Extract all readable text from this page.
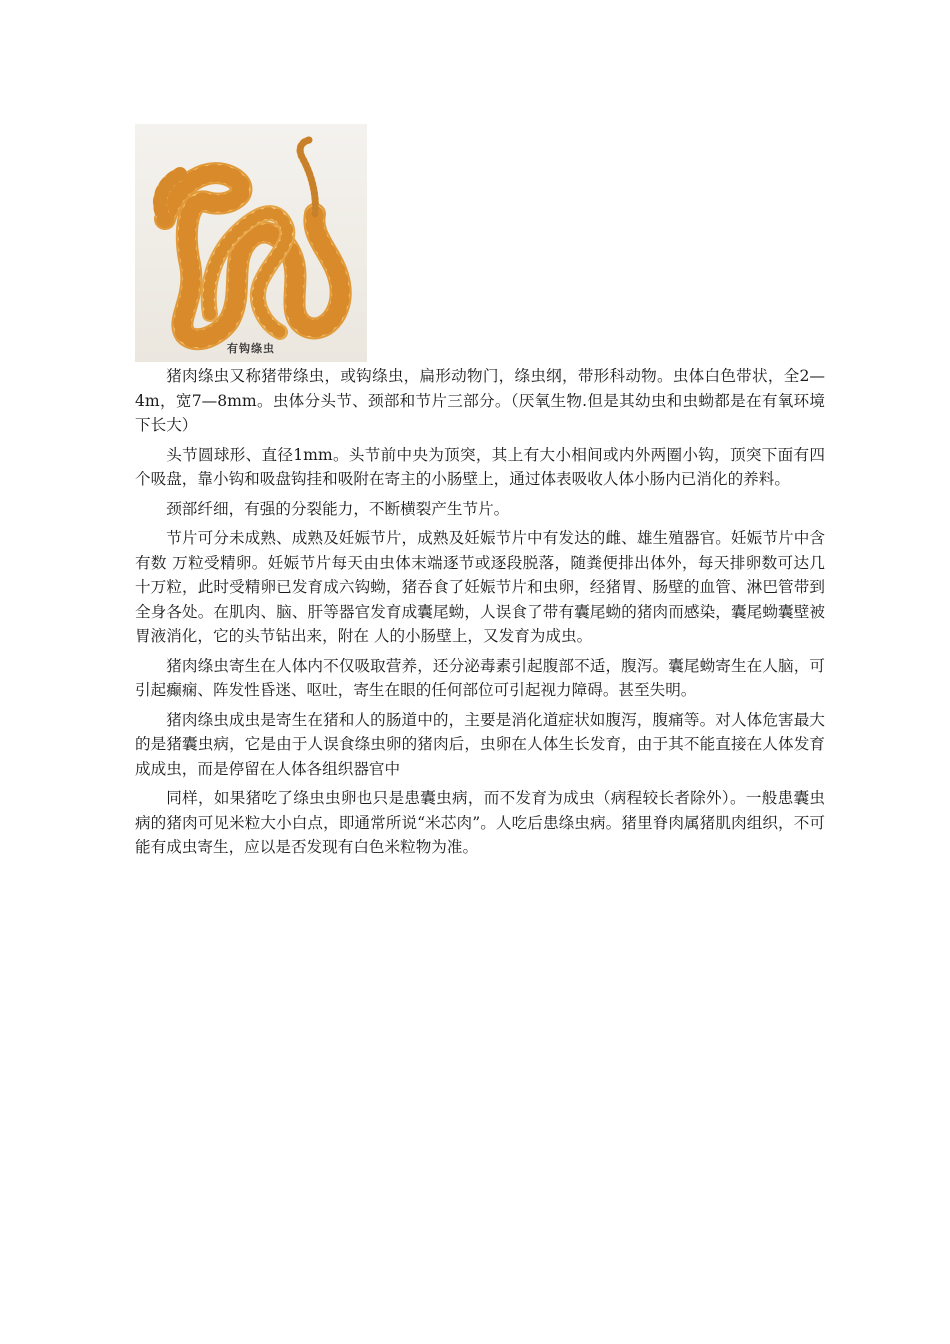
有钩绦虫

猪肉绦虫又称猪带绦虫，或钩绦虫，扁形动物门，绦虫纲，带形科动物。虫体白色带状，全2—4m，宽7—8mm。虫体分头节、颈部和节片三部分。（厌氧生物.但是其幼虫和虫蚴都是在有氧环境下长大）

头节圆球形、直径1mm。头节前中央为顶突，其上有大小相间或内外两圈小钩，顶突下面有四个吸盘，靠小钩和吸盘钩挂和吸附在寄主的小肠壁上，通过体表吸收人体小肠内已消化的养料。

颈部纤细，有强的分裂能力，不断横裂产生节片。

节片可分未成熟、成熟及妊娠节片，成熟及妊娠节片中有发达的雌、雄生殖器官。妊娠节片中含有数 万粒受精卵。妊娠节片每天由虫体末端逐节或逐段脱落，随粪便排出体外，每天排卵数可达几十万粒，此时受精卵已发育成六钩蚴，猪吞食了妊娠节片和虫卵，经猪胃、肠壁的血管、淋巴管带到全身各处。在肌肉、脑、肝等器官发育成囊尾蚴，人误食了带有囊尾蚴的猪肉而感染，囊尾蚴囊壁被胃液消化，它的头节钻出来，附在 人的小肠壁上，又发育为成虫。

猪肉绦虫寄生在人体内不仅吸取营养，还分泌毒素引起腹部不适，腹泻。囊尾蚴寄生在人脑，可引起癫痫、阵发性昏迷、呕吐，寄生在眼的任何部位可引起视力障碍。甚至失明。

猪肉绦虫成虫是寄生在猪和人的肠道中的，主要是消化道症状如腹泻，腹痛等。对人体危害最大的是猪囊虫病，它是由于人误食绦虫卵的猪肉后，虫卵在人体生长发育，由于其不能直接在人体发育成成虫，而是停留在人体各组织器官中

同样，如果猪吃了绦虫虫卵也只是患囊虫病，而不发育为成虫（病程较长者除外）。一般患囊虫病的猪肉可见米粒大小白点，即通常所说“米芯肉”。人吃后患绦虫病。猪里脊肉属猪肌肉组织，不可能有成虫寄生，应以是否发现有白色米粒物为准。
